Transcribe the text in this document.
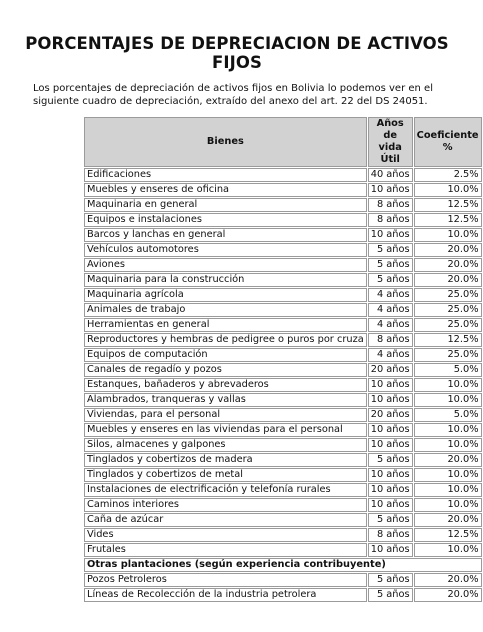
PORCENTAJES DE DEPRECIACION DE ACTIVOS FIJOS

Los porcentajes de depreciación de activos fijos en Bolivia lo podemos ver en el siguiente cuadro de depreciación, extraído del anexo del art. 22 del DS 24051.

Bienes	Años de vida Útil	Coeficiente %
Edificaciones	40 años	2.5%
Muebles y enseres de oficina	10 años	10.0%
Maquinaria en general	8 años	12.5%
Equipos e instalaciones	8 años	12.5%
Barcos y lanchas en general	10 años	10.0%
Vehículos automotores	5 años	20.0%
Aviones	5 años	20.0%
Maquinaria para la construcción	5 años	20.0%
Maquinaria agrícola	4 años	25.0%
Animales de trabajo	4 años	25.0%
Herramientas en general	4 años	25.0%
Reproductores y hembras de pedigree o puros por cruza	8 años	12.5%
Equipos de computación	4 años	25.0%
Canales de regadío y pozos	20 años	5.0%
Estanques, bañaderos y abrevaderos	10 años	10.0%
Alambrados, tranqueras y vallas	10 años	10.0%
Viviendas, para el personal	20 años	5.0%
Muebles y enseres en las viviendas para el personal	10 años	10.0%
Silos, almacenes y galpones	10 años	10.0%
Tinglados y cobertizos de madera	5 años	20.0%
Tinglados y cobertizos de metal	10 años	10.0%
Instalaciones de electrificación y telefonía rurales	10 años	10.0%
Caminos interiores	10 años	10.0%
Caña de azúcar	5 años	20.0%
Vides	8 años	12.5%
Frutales	10 años	10.0%
Otras plantaciones (según experiencia contribuyente)		
Pozos Petroleros	5 años	20.0%
Líneas de Recolección de la industria petrolera	5 años	20.0%
